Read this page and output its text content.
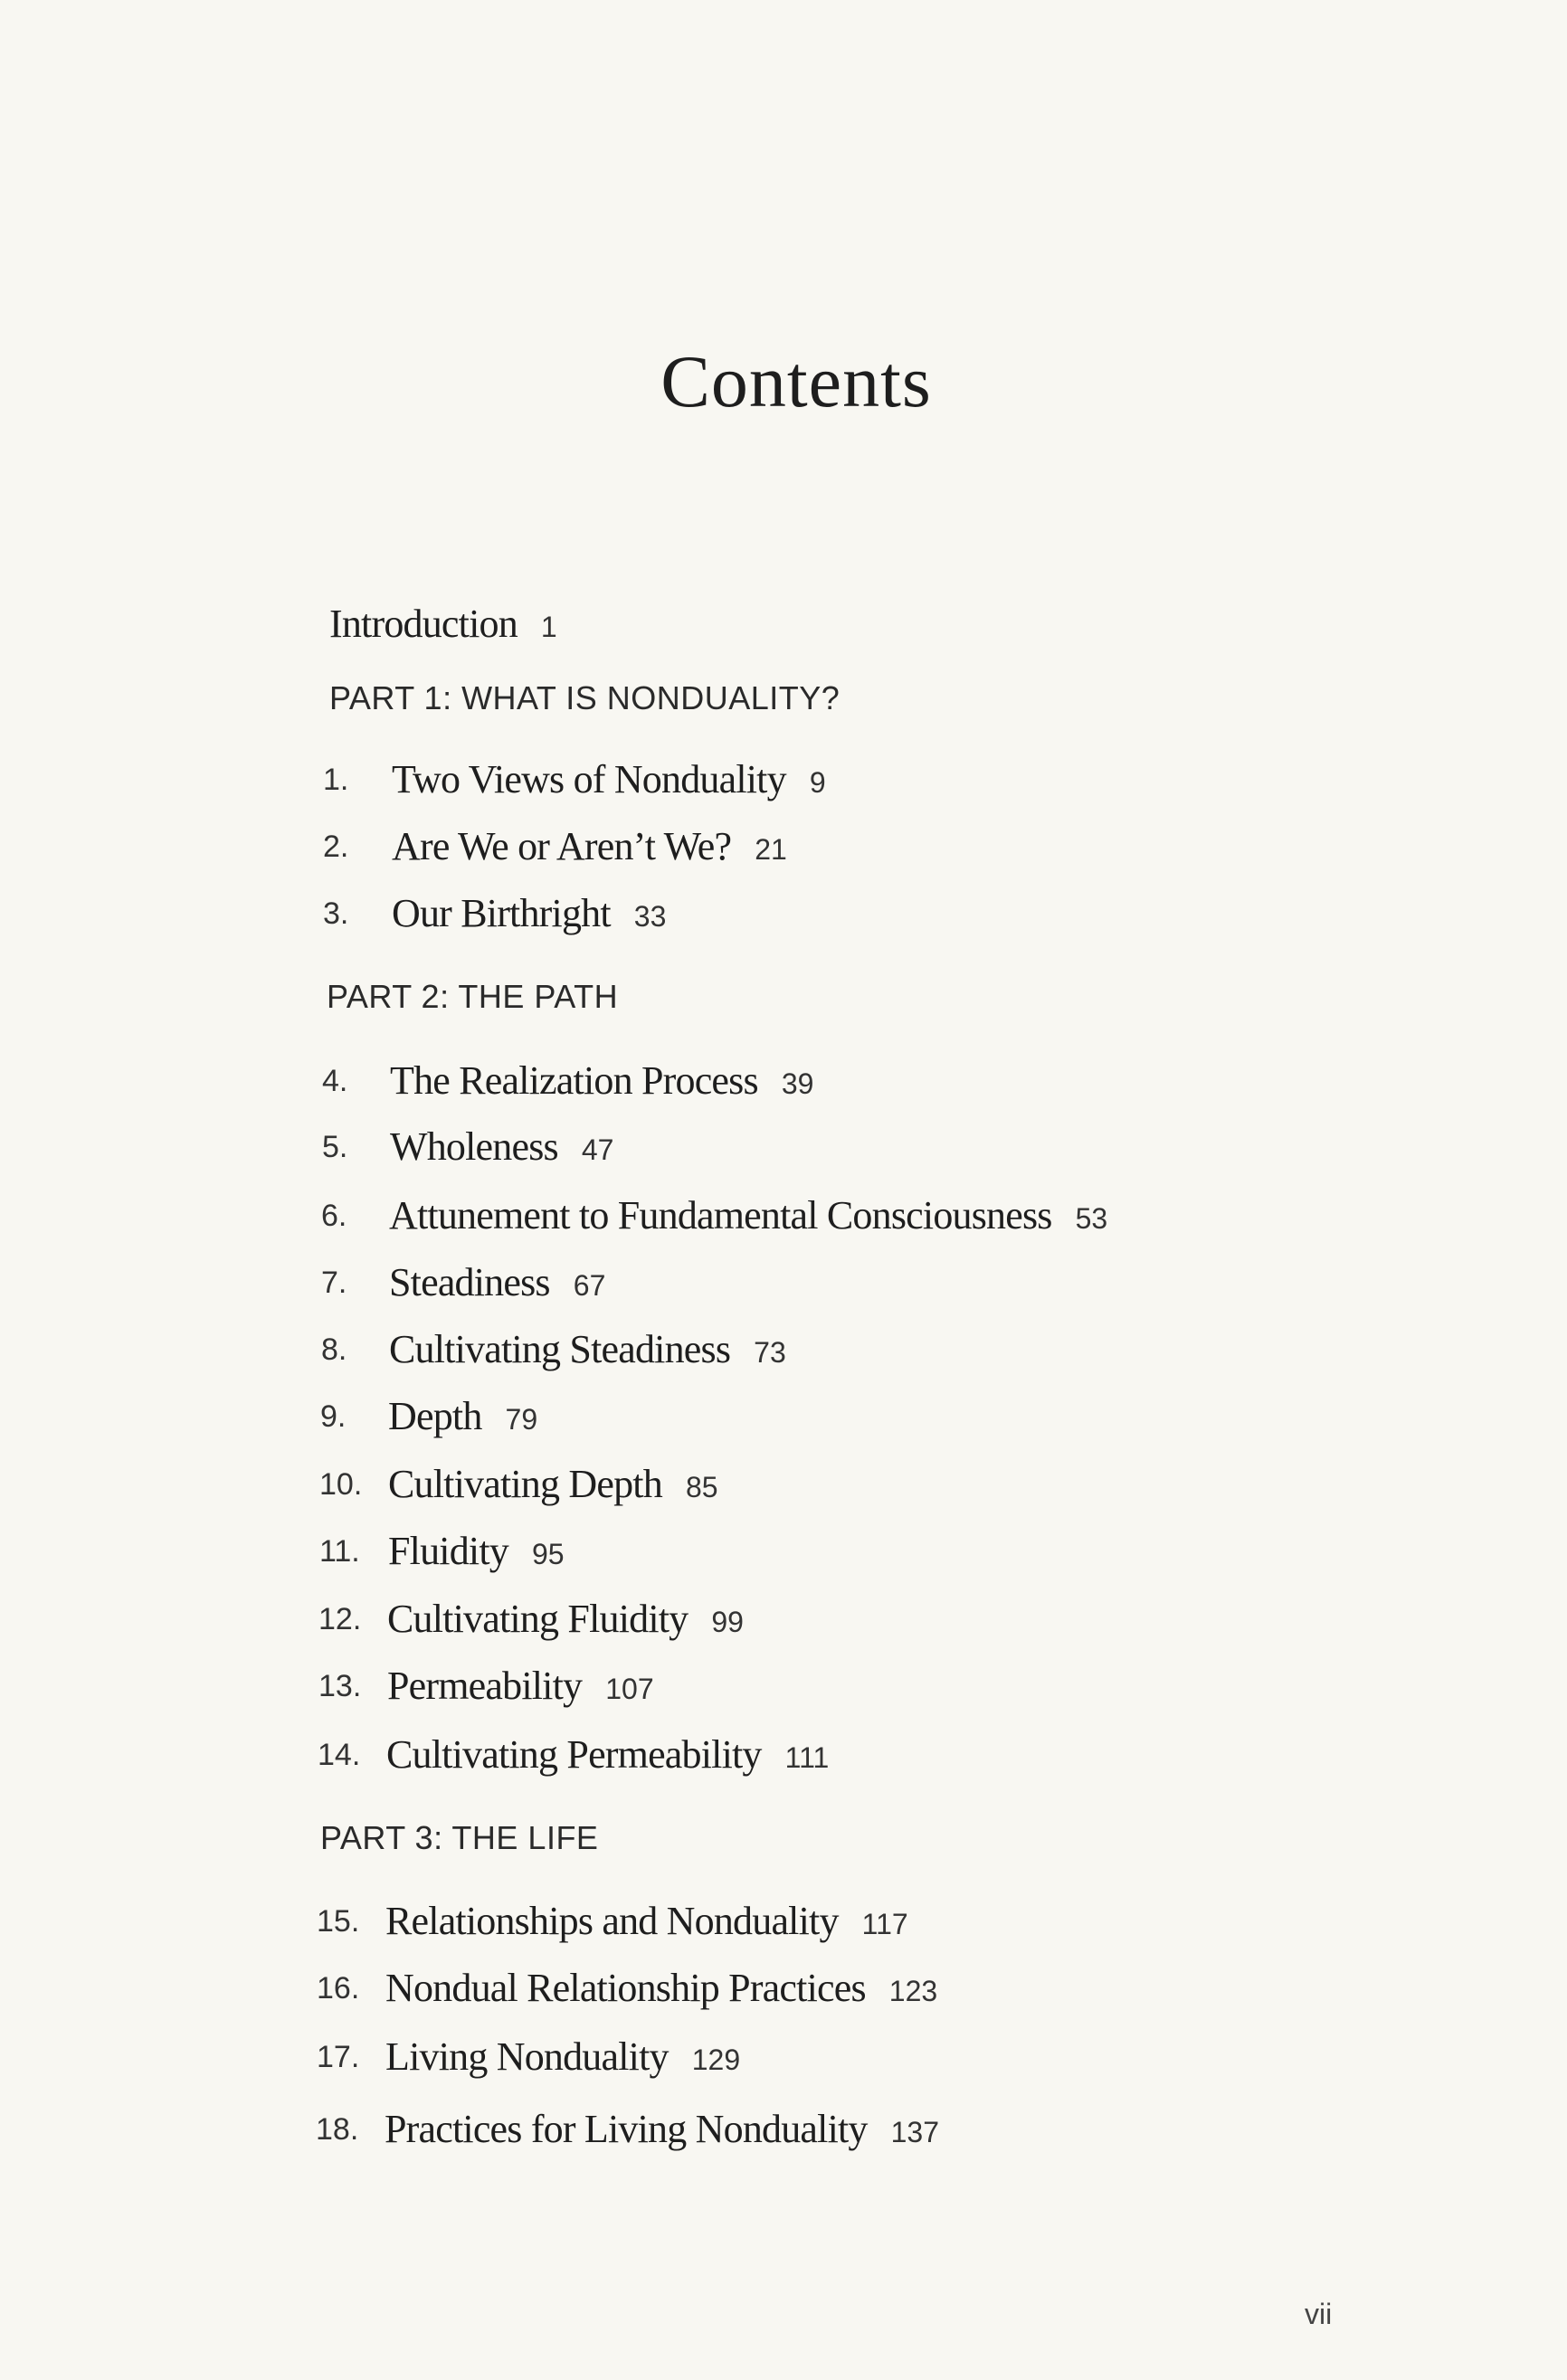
Contents
Introduction 1
PART 1: WHAT IS NONDUALITY?
PART 2: THE PATH
PART 3: THE LIFE
1. Two Views of Nonduality 9
2. Are We or Aren’t We? 21
3. Our Birthright 33
4. The Realization Process 39
5. Wholeness 47
6. Attunement to Fundamental Consciousness 53
7. Steadiness 67
8. Cultivating Steadiness 73
9. Depth 79
10. Cultivating Depth 85
11. Fluidity 95
12. Cultivating Fluidity 99
13. Permeability 107
14. Cultivating Permeability 111
15. Relationships and Nonduality 117
16. Nondual Relationship Practices 123
17. Living Nonduality 129
18. Practices for Living Nonduality 137
vii
